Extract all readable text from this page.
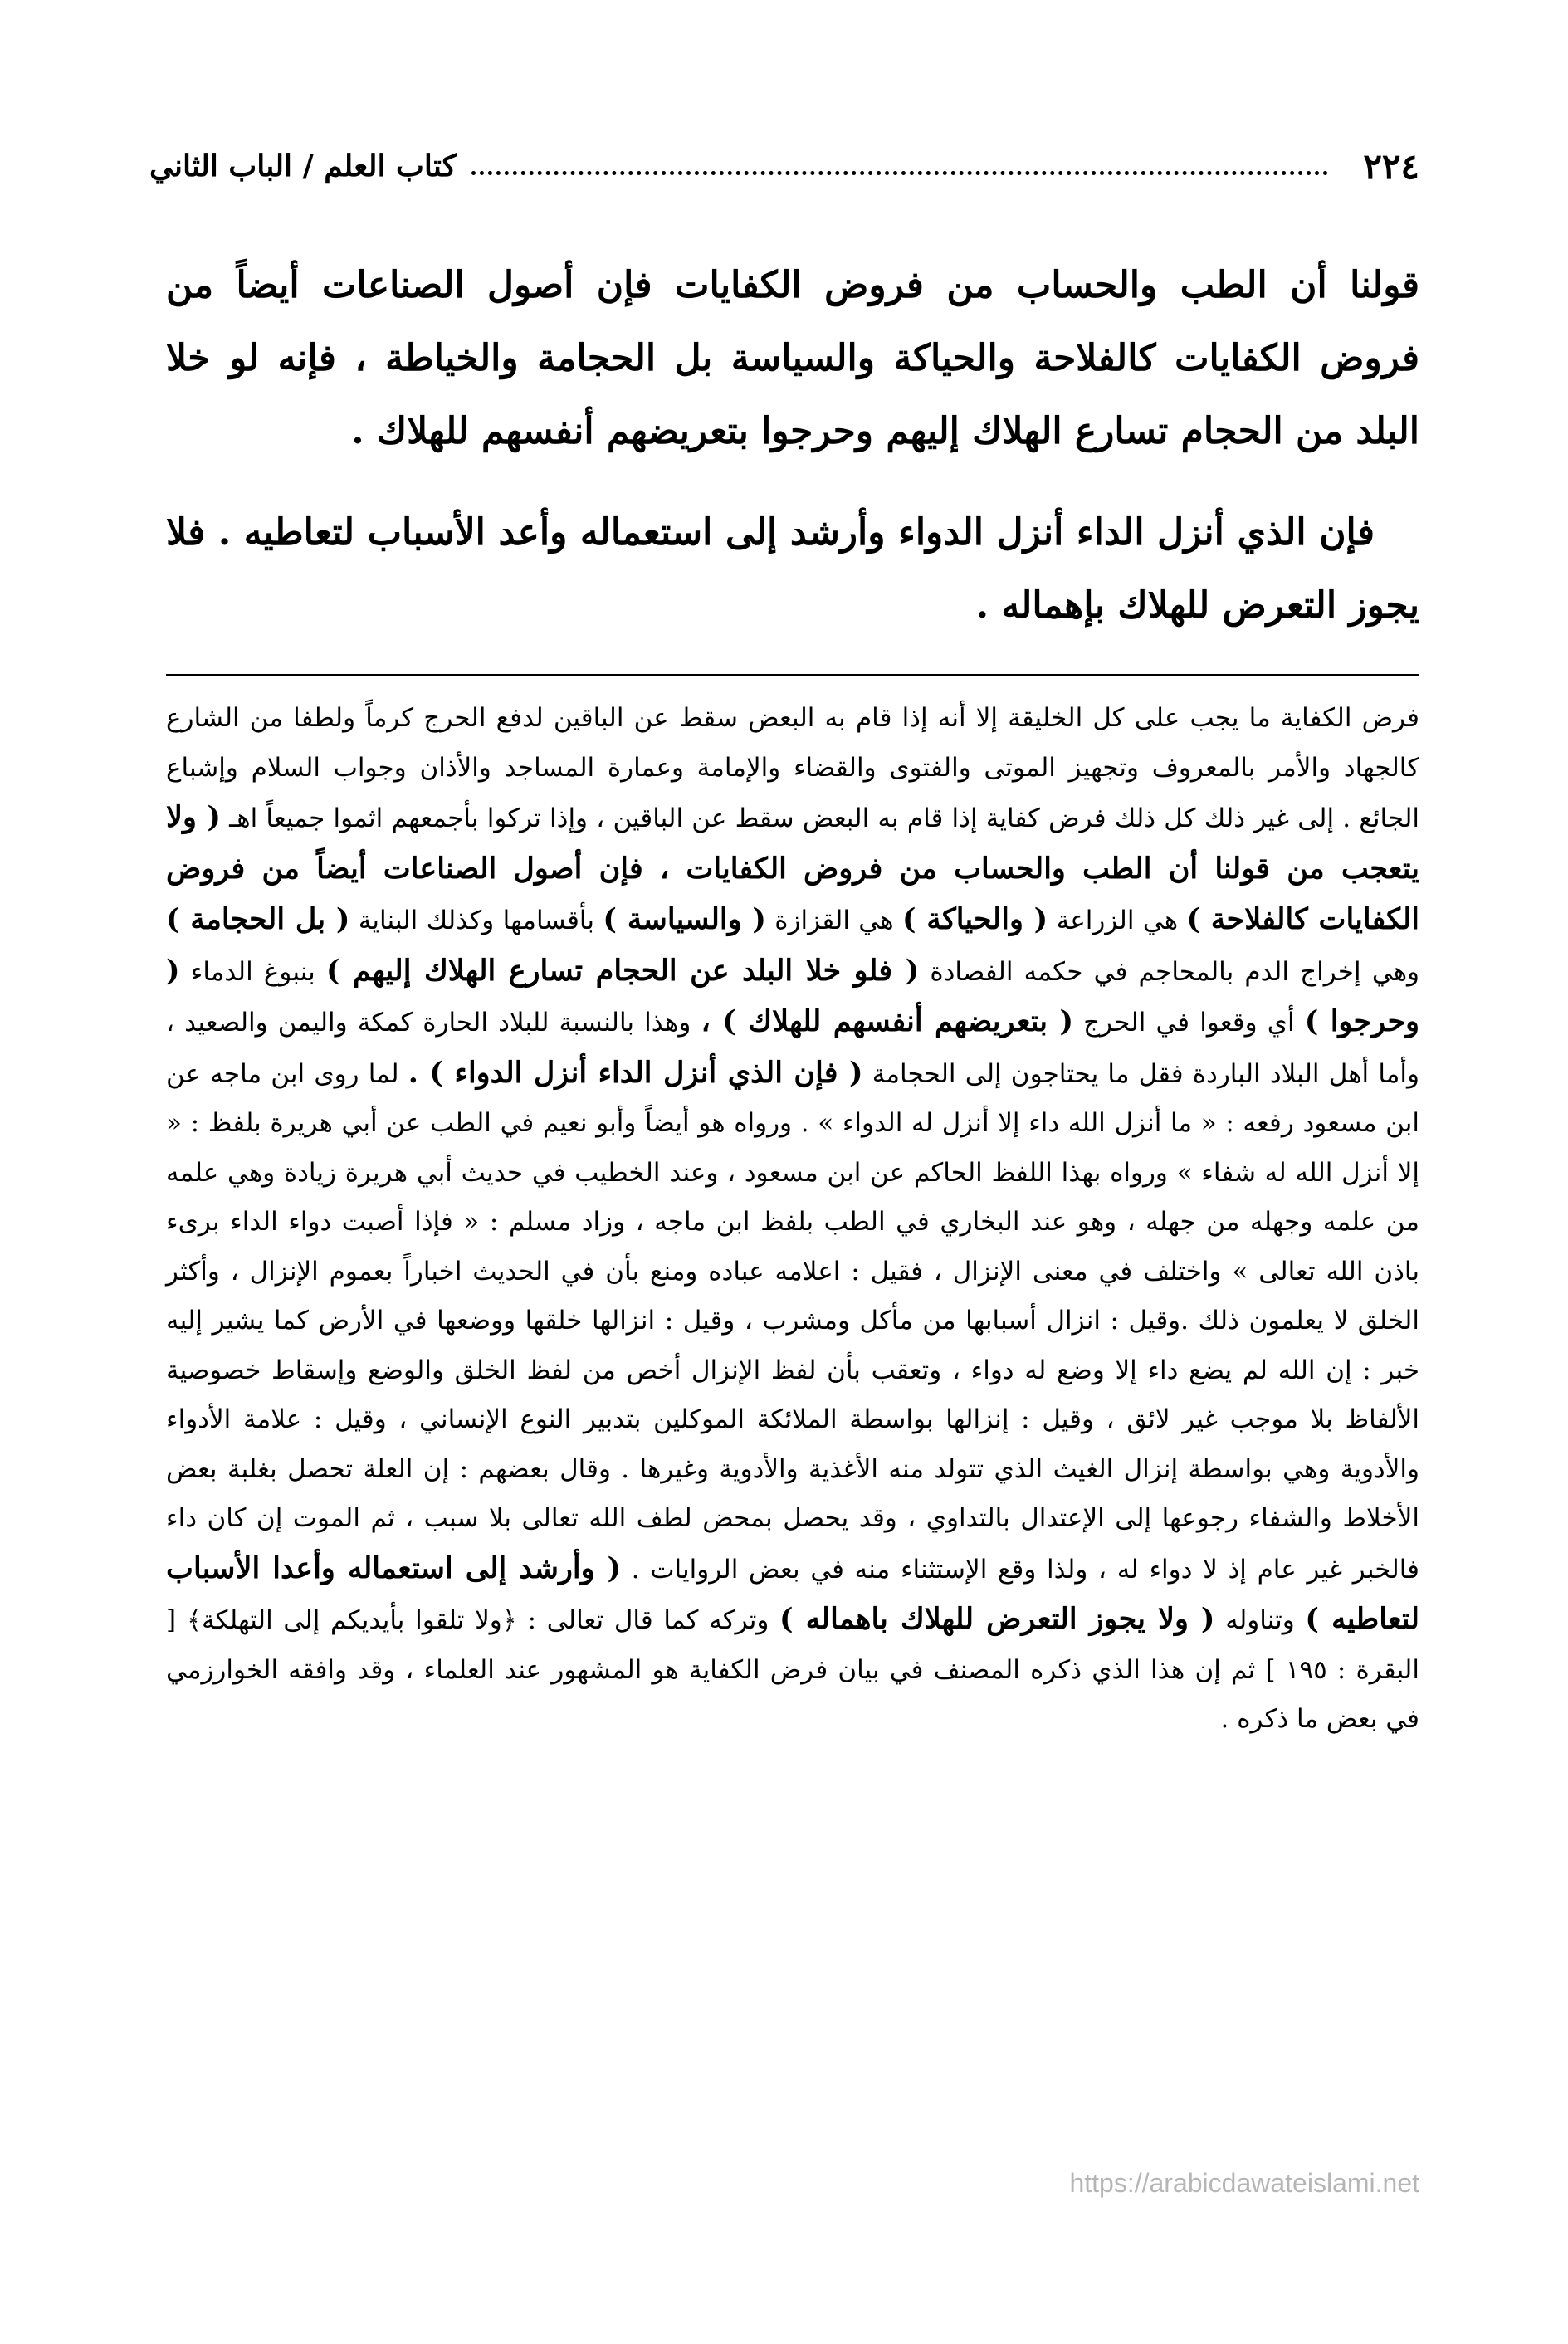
٢٢٤
كتاب العلم / الباب الثاني

قولنا أن الطب والحساب من فروض الكفايات فإن أصول الصناعات أيضاً من فروض الكفايات كالفلاحة والحياكة والسياسة بل الحجامة والخياطة ، فإنه لو خلا البلد من الحجام تسارع الهلاك إليهم وحرجوا بتعريضهم أنفسهم للهلاك .

فإن الذي أنزل الداء أنزل الدواء وأرشد إلى استعماله وأعد الأسباب لتعاطيه . فلا يجوز التعرض للهلاك بإهماله .

فرض الكفاية ما يجب على كل الخليقة إلا أنه إذا قام به البعض سقط عن الباقين لدفع الحرج كرماً ولطفا من الشارع كالجهاد والأمر بالمعروف وتجهيز الموتى والفتوى والقضاء والإمامة وعمارة المساجد والأذان وجواب السلام وإشباع الجائع . إلى غير ذلك كل ذلك فرض كفاية إذا قام به البعض سقط عن الباقين ، وإذا تركوا بأجمعهم اثموا جميعاً اهـ ( ولا يتعجب من قولنا أن الطب والحساب من فروض الكفايات ، فإن أصول الصناعات أيضاً من فروض الكفايات كالفلاحة ) هي الزراعة ( والحياكة ) هي القزازة ( والسياسة ) بأقسامها وكذلك البناية ( بل الحجامة ) وهي إخراج الدم بالمحاجم في حكمه الفصادة ( فلو خلا البلد عن الحجام تسارع الهلاك إليهم ) بنبوغ الدماء ( وحرجوا ) أي وقعوا في الحرج ( بتعريضهم أنفسهم للهلاك ) ، وهذا بالنسبة للبلاد الحارة كمكة واليمن والصعيد ، وأما أهل البلاد الباردة فقل ما يحتاجون إلى الحجامة ( فإن الذي أنزل الداء أنزل الدواء ) . لما روى ابن ماجه عن ابن مسعود رفعه : « ما أنزل الله داء إلا أنزل له الدواء » . ورواه هو أيضاً وأبو نعيم في الطب عن أبي هريرة بلفظ : « إلا أنزل الله له شفاء » ورواه بهذا اللفظ الحاكم عن ابن مسعود ، وعند الخطيب في حديث أبي هريرة زيادة وهي علمه من علمه وجهله من جهله ، وهو عند البخاري في الطب بلفظ ابن ماجه ، وزاد مسلم : « فإذا أصبت دواء الداء برىء باذن الله تعالى » واختلف في معنى الإنزال ، فقيل : اعلامه عباده ومنع بأن في الحديث اخباراً بعموم الإنزال ، وأكثر الخلق لا يعلمون ذلك .وقيل : انزال أسبابها من مأكل ومشرب ، وقيل : انزالها خلقها ووضعها في الأرض كما يشير إليه خبر : إن الله لم يضع داء إلا وضع له دواء ، وتعقب بأن لفظ الإنزال أخص من لفظ الخلق والوضع وإسقاط خصوصية الألفاظ بلا موجب غير لائق ، وقيل : إنزالها بواسطة الملائكة الموكلين بتدبير النوع الإنساني ، وقيل : علامة الأدواء والأدوية وهي بواسطة إنزال الغيث الذي تتولد منه الأغذية والأدوية وغيرها . وقال بعضهم : إن العلة تحصل بغلبة بعض الأخلاط والشفاء رجوعها إلى الإعتدال بالتداوي ، وقد يحصل بمحض لطف الله تعالى بلا سبب ، ثم الموت إن كان داء فالخبر غير عام إذ لا دواء له ، ولذا وقع الإستثناء منه في بعض الروايات . ( وأرشد إلى استعماله وأعدا الأسباب لتعاطيه ) وتناوله ( ولا يجوز التعرض للهلاك باهماله ) وتركه كما قال تعالى : ﴿ولا تلقوا بأيديكم إلى التهلكة﴾ [ البقرة : ١٩٥ ] ثم إن هذا الذي ذكره المصنف في بيان فرض الكفاية هو المشهور عند العلماء ، وقد وافقه الخوارزمي في بعض ما ذكره .
https://arabicdawateislami.net
